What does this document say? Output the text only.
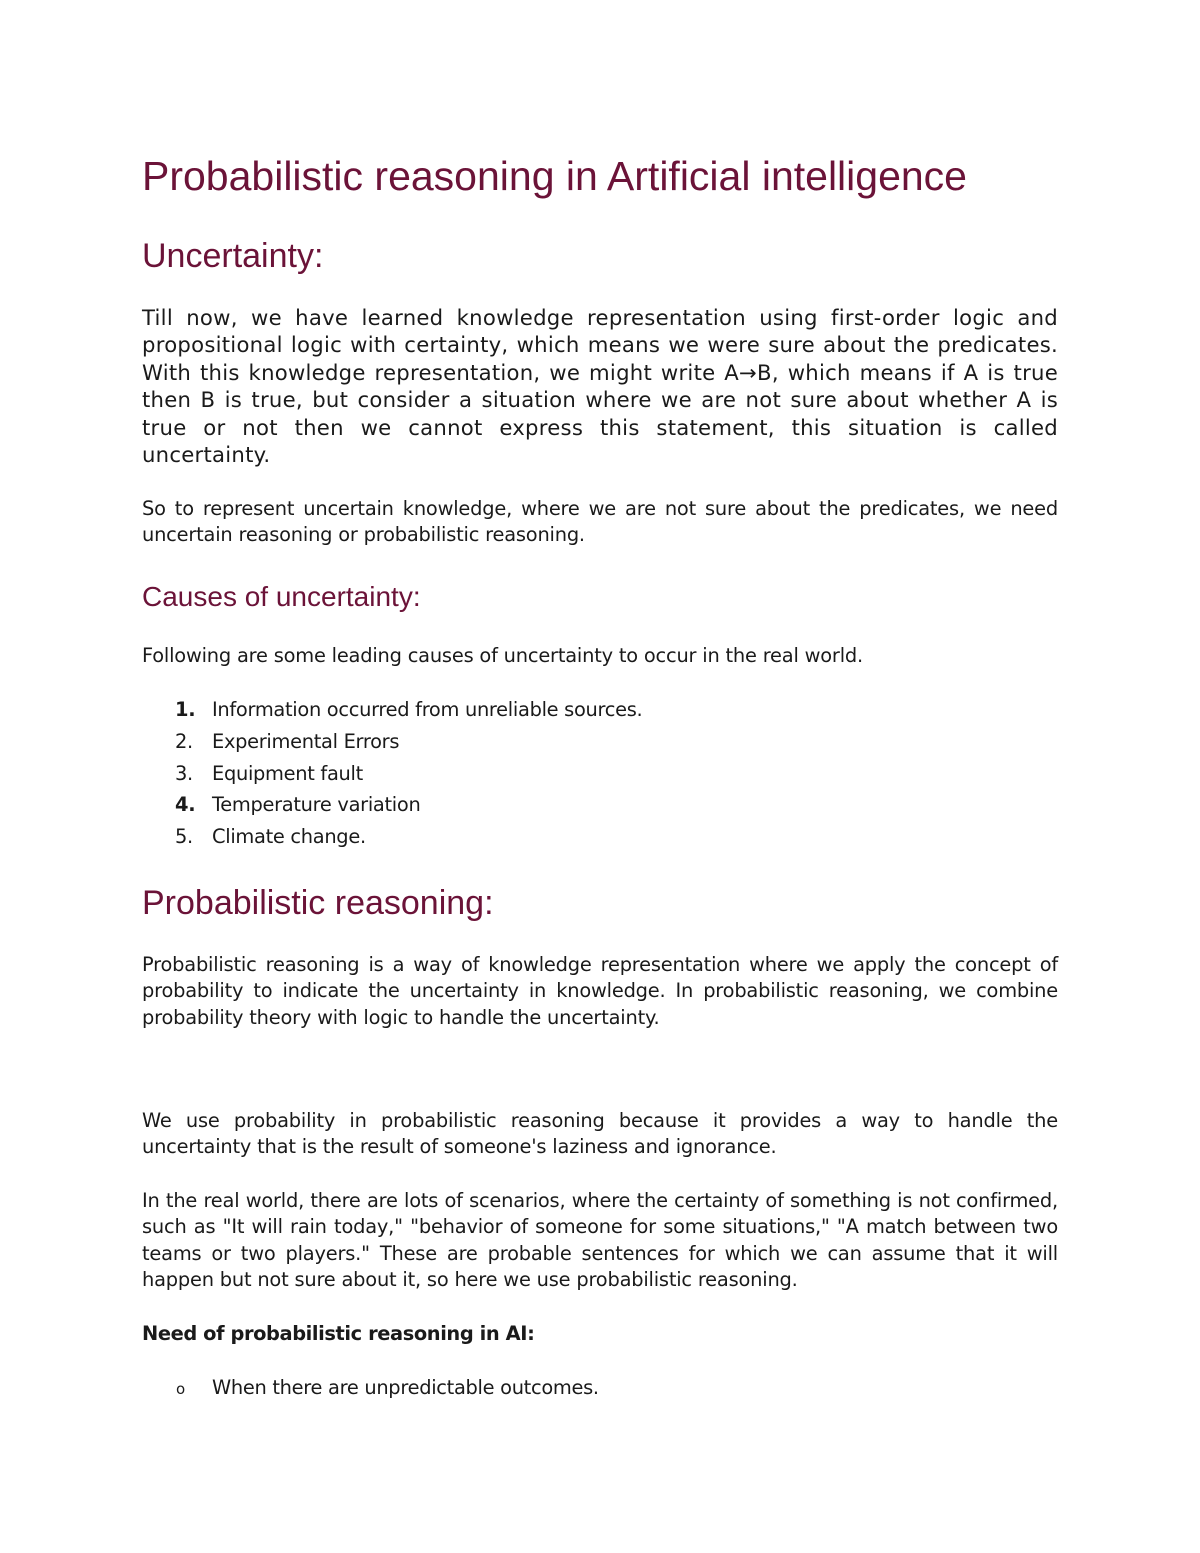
Probabilistic reasoning in Artificial intelligence
Uncertainty:

Till now, we have learned knowledge representation using first-order logic and propositional logic with certainty, which means we were sure about the predicates. With this knowledge representation, we might write A→B, which means if A is true then B is true, but consider a situation where we are not sure about whether A is true or not then we cannot express this statement, this situation is called uncertainty.

So to represent uncertain knowledge, where we are not sure about the predicates, we need uncertain reasoning or probabilistic reasoning.

Causes of uncertainty:

Following are some leading causes of uncertainty to occur in the real world.

1. Information occurred from unreliable sources.
2. Experimental Errors
3. Equipment fault
4. Temperature variation
5. Climate change.
Probabilistic reasoning:

Probabilistic reasoning is a way of knowledge representation where we apply the concept of probability to indicate the uncertainty in knowledge. In probabilistic reasoning, we combine probability theory with logic to handle the uncertainty.

We use probability in probabilistic reasoning because it provides a way to handle the uncertainty that is the result of someone's laziness and ignorance.

In the real world, there are lots of scenarios, where the certainty of something is not confirmed, such as "It will rain today," "behavior of someone for some situations," "A match between two teams or two players." These are probable sentences for which we can assume that it will happen but not sure about it, so here we use probabilistic reasoning.

Need of probabilistic reasoning in AI:

o When there are unpredictable outcomes.
